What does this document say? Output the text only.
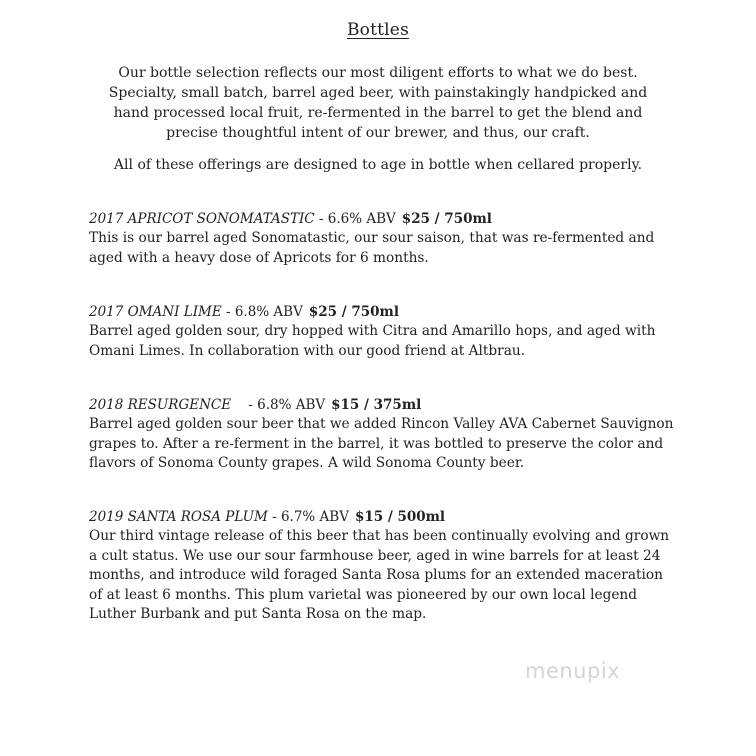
Bottles
Our bottle selection reflects our most diligent efforts to what we do best. Specialty, small batch, barrel aged beer, with painstakingly handpicked and hand processed local fruit, re-fermented in the barrel to get the blend and precise thoughtful intent of our brewer, and thus, our craft.
All of these offerings are designed to age in bottle when cellared properly.
2017 APRICOT SONOMATASTIC - 6.6% ABV $25 / 750ml
This is our barrel aged Sonomatastic, our sour saison, that was re-fermented and aged with a heavy dose of Apricots for 6 months.
2017 OMANI LIME - 6.8% ABV $25 / 750ml
Barrel aged golden sour, dry hopped with Citra and Amarillo hops, and aged with Omani Limes. In collaboration with our good friend at Altbrau.
2018 RESURGENCE    - 6.8% ABV $15 / 375ml
Barrel aged golden sour beer that we added Rincon Valley AVA Cabernet Sauvignon grapes to. After a re-ferment in the barrel, it was bottled to preserve the color and flavors of Sonoma County grapes. A wild Sonoma County beer.
2019 SANTA ROSA PLUM - 6.7% ABV $15 / 500ml
Our third vintage release of this beer that has been continually evolving and grown a cult status. We use our sour farmhouse beer, aged in wine barrels for at least 24 months, and introduce wild foraged Santa Rosa plums for an extended maceration of at least 6 months. This plum varietal was pioneered by our own local legend Luther Burbank and put Santa Rosa on the map.
menupix
